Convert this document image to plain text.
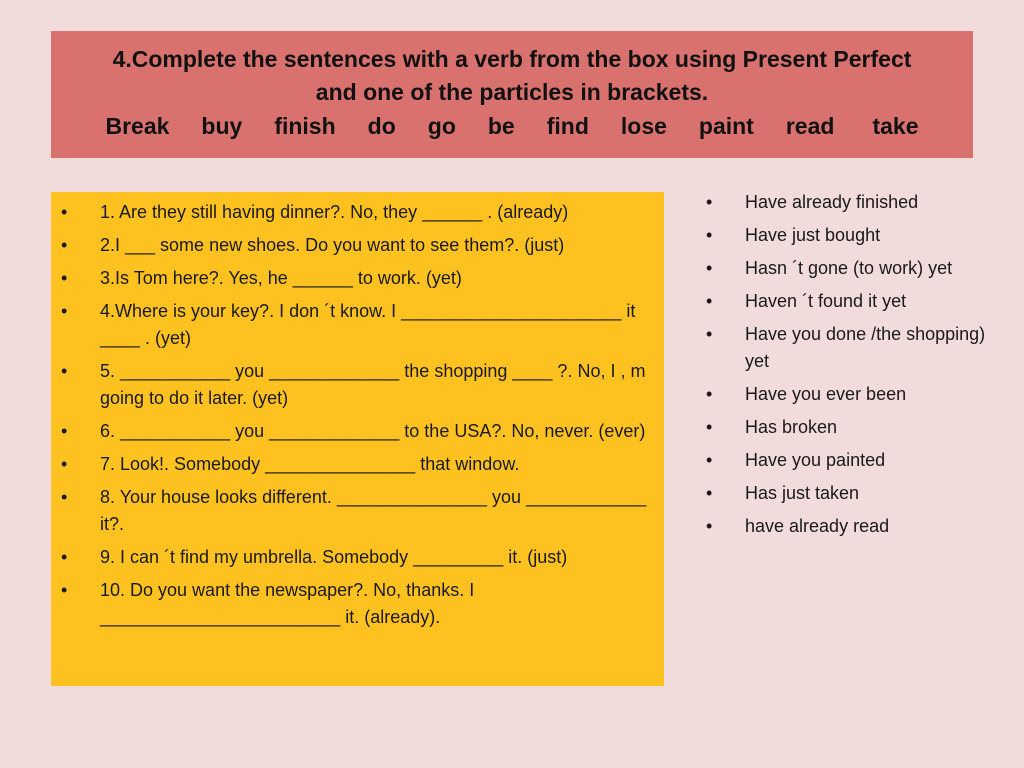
4.Complete the sentences with a verb from the box using Present Perfect
and one of the particles in brackets.
Break buy finish do go be find lose paint read take
• 1. Are they still having dinner?. No, they ______ . (already)
• 2.I ___ some new shoes. Do you want to see them?. (just)
• 3.Is Tom here?. Yes, he ______ to work. (yet)
• 4.Where is your key?. I don ´t know. I ______________________ it ____ . (yet)
• 5. ___________ you _____________ the shopping ____ ?. No, I , m going to do it later. (yet)
• 6. ___________ you _____________ to the USA?. No, never. (ever)
• 7. Look!. Somebody _______________ that window.
• 8. Your house looks different. _______________ you ____________ it?.
• 9. I can ´t find my umbrella. Somebody _________ it. (just)
• 10. Do you want the newspaper?. No, thanks. I ________________________ it. (already).
• Have already finished
• Have just bought
• Hasn ´t gone (to work) yet
• Haven ´t found it yet
• Have you done /the shopping) yet
• Have you ever been
• Has broken
• Have you painted
• Has just taken
• have already read
